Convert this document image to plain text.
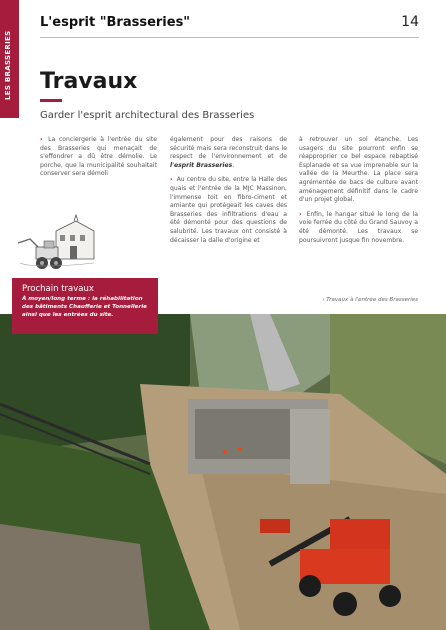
LES BRASSERIES
L'esprit "Brasseries"	14
Travaux
Garder l'esprit architectural des Brasseries

› La conciergerie à l'entrée du site des Brasseries qui menaçait de s'effondrer a dû être démolie. Le porche, que la municipalité souhaitait conserver sera démoli

également pour des raisons de sécurité mais sera reconstruit dans le respect de l'environnement et de l'esprit Brasseries.

› Au centre du site, entre la Halle des quais et l'entrée de la MJC Massinon, l'immense toit en fibro-ciment et amiante qui protégeait les caves des Brasseries des infiltrations d'eau a été démonté pour des questions de salubrité. Les travaux ont consisté à décaisser la dalle d'origine et

à retrouver un sol étanche. Les usagers du site pourront enfin se réapproprier ce bel espace rebaptisé Esplanade et sa vue imprenable sur la vallée de la Meurthe. La place sera agrémentée de bacs de culture avant aménagement définitif dans le cadre d'un projet global.

› Enfin, le hangar situé le long de la voie ferrée du côté du Grand Sauvoy a été démonté. Les travaux se poursuivront jusque fin novembre.

› Travaux à l'entrée des Brasseries
Prochain travaux
À moyen/long terme : la réhabilitation des bâtiments Chaufferie et Tonnellerie ainsi que les entrées du site.
